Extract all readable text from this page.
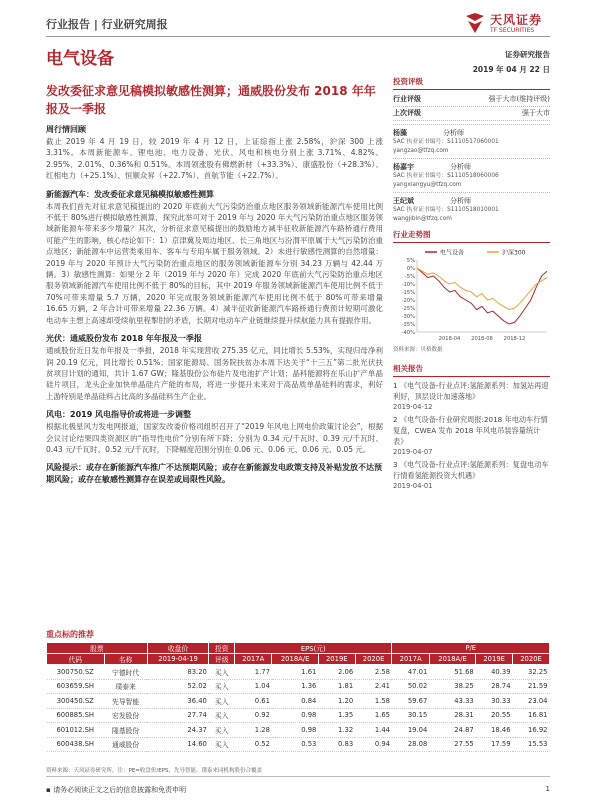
行业报告 | 行业研究周报	天风证券
TF SECURITIES
电气设备	证券研究报告
2019 年 04 月 22 日
发改委征求意见稿模拟敏感性测算；通威股份发布 2018 年年报及一季报
周行情回顾
截止 2019 年 4 月 19 日，较 2019 年 4 月 12 日，上证综指上涨 2.58%，沪深 300 上涨 3.31%。本周新能源车、锂电池、电力设备、光伏、风电和核电分别上涨 3.71%、4.82%、2.95%、2.01%、0.36%和 0.51%。本周领涨股有佛燃新材（+33.3%）、康盛股份（+28.3%）、红相电力（+25.1%）、恒顺众昇（+22.7%）、首航节能（+22.7%）。
新能源汽车：发改委征求意见稿模拟敏感性测算
本周我们首先对征求意见稿提出的 2020 年底前大气污染防治重点地区服务领域新能源汽车使用比例不低于 80%进行模拟敏感性测算，探究此举可对于 2019 年与 2020 年大气污染防治重点地区服务领域新能源车带来多少增量？其次，分析征求意见稿提出的鼓励地方减半征收新能源汽车路桥通行费用可能产生的影响，核心结论如下：1）京津冀及周边地区、长三角地区与汾渭平原属于大气污染防治重点地区；新能源车中运营类乘用车、客车与专用车属于服务领域。2）未进行敏感性测算的自然增量：2019 年与 2020 年预计大气污染防治重点地区的服务领域新能源车分别 34.23 万辆与 42.44 万辆。3）敏感性测算：如果分 2 年（2019 年与 2020 年）完成 2020 年底前大气污染防治重点地区服务领域新能源汽车使用比例不低于 80%的目标，其中 2019 年服务领域新能源汽车使用比例不低于 70%可带来增量 5.7 万辆，2020 年完成服务领域新能源汽车使用比例不低于 80%可带来增量 16.65 万辆，2 年合计可带来增量 22.36 万辆。4）减半征收新能源汽车路桥通行费预计短期可激化电动车主想上高速却受续航里程掣肘的矛盾，长期对电动车产业链继续提升续航能力具有提振作用。
光伏：通威股份发布 2018 年年报及一季报
通威股份近日发布年报及一季报，2018 年实现营收 275.35 亿元，同比增长 5.53%，实现归母净利润 20.19 亿元，同比增长 0.51%；国家能源局、国务院扶贫办本周下达关于“十三五”第二批光伏扶贫项目计划的通知，共计 1.67 GW；隆基股份公布硅片及电池扩产计划；晶科能源将在乐山扩产单晶硅片项目，龙头企业加快单晶硅片产能的布局，将进一步提升未来对于高品质单晶硅料的需求，利好上游特别是单晶硅料占比高的多晶硅料生产企业。
风电：2019 风电指导价或将进一步调整
根据北极星风力发电网报道，国家发改委价格司组织召开了“2019 年风电上网电价政策讨论会”，根据会议讨论结果四类资源区的“指导性电价”分别有所下降；分别为 0.34 元/千瓦时、0.39 元/千瓦时、0.43 元/千瓦时、0.52 元/千瓦时，下降幅度范围分别在 0.06 元、0.06 元、0.06 元、0.05 元。
风险提示：或存在新能源汽车推广不达预期风险；或存在新能源发电政策支持及补贴发放不达预期风险；或存在敏感性测算存在误差或局限性风险。
投资评级
行业评级	强于大市(维持评级)
上次评级	强于大市
杨藻	分析师
SAC 执业证书编号：S1110517060001
yangzao@tfzq.com
杨嘉宇	分析师
SAC 执业证书编号：S1110518060006
yangxiangyu@tfzq.com
王纪斌	分析师
SAC 执业证书编号：S1110518010001
wangjibin@tfzq.com
行业走势图
电气设备	沪深300
5%
0%
-5%
-10%
-15%
-20%
-25%
-30%
-35%
-40%
2018-04 2018-08 2018-12
资料来源：贝格数据
相关报告
1 《电气设备-行业点评:氢能源系列：加氢站再迎利好，顶层设计加速落地》
2019-04-12
2 《电气设备-行业研究周报:2018 年电动车行情复盘，CWEA 发布 2018 年风电吊装容量统计表》
2019-04-07
3 《电气设备-行业点评:氢能源系列：复盘电动车行情看氢能源投资大机遇》
2019-04-01
重点标的推荐
股票		收盘价	投资	EPS(元)				P/E			
代码	名称	2019-04-19	评级	2017A	2018A/E	2019E	2020E	2017A	2018A/E	2019E	2020E
300750.SZ	宁德时代	83.20	买入	1.77	1.61	2.06	2.58	47.01	51.68	40.39	32.25
603659.SH	璞泰来	52.02	买入	1.04	1.36	1.81	2.41	50.02	38.25	28.74	21.59
300450.SZ	先导智能	36.40	买入	0.61	0.84	1.20	1.58	59.67	43.33	30.33	23.04
600885.SH	宏发股份	27.74	买入	0.92	0.98	1.35	1.65	30.15	28.31	20.55	16.81
601012.SH	隆基股份	24.37	买入	1.28	0.98	1.32	1.44	19.04	24.87	18.46	16.92
600438.SH	通威股份	14.60	买入	0.52	0.53	0.83	0.94	28.08	27.55	17.59	15.53
资料来源：天风证券研究所，注：PE=收盘价/EPS，先导智能、璞泰来同机构股份合覆盖
▪ 请务必阅读正文之后的信息披露和免责申明	1
